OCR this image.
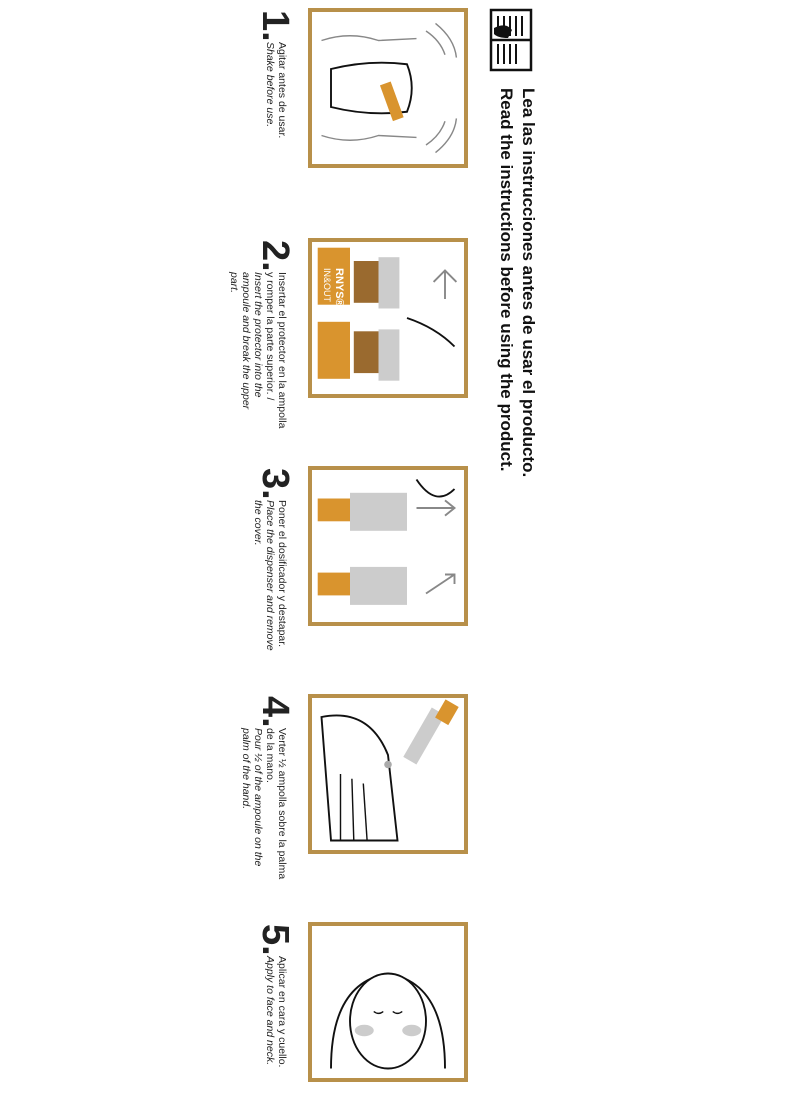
Lea las instrucciones antes de usar el producto.
Read the instructions before using the product.
1.
Agitar antes de usar.
Shake before use.
2.
Insertar el protector en la ampolla y romper la parte superior. /
Insert the protector into the ampoule and break the upper part.	RNYS®
IN&OUT
3.
Poner el dosificador y destapar.
Place the dispenser and remove the cover.
4.
Verter ½ ampolla sobre la palma de la mano.
Pour ½ of the ampoule on the palm of the hand.
5.
Aplicar en cara y cuello.
Apply to face and neck.
